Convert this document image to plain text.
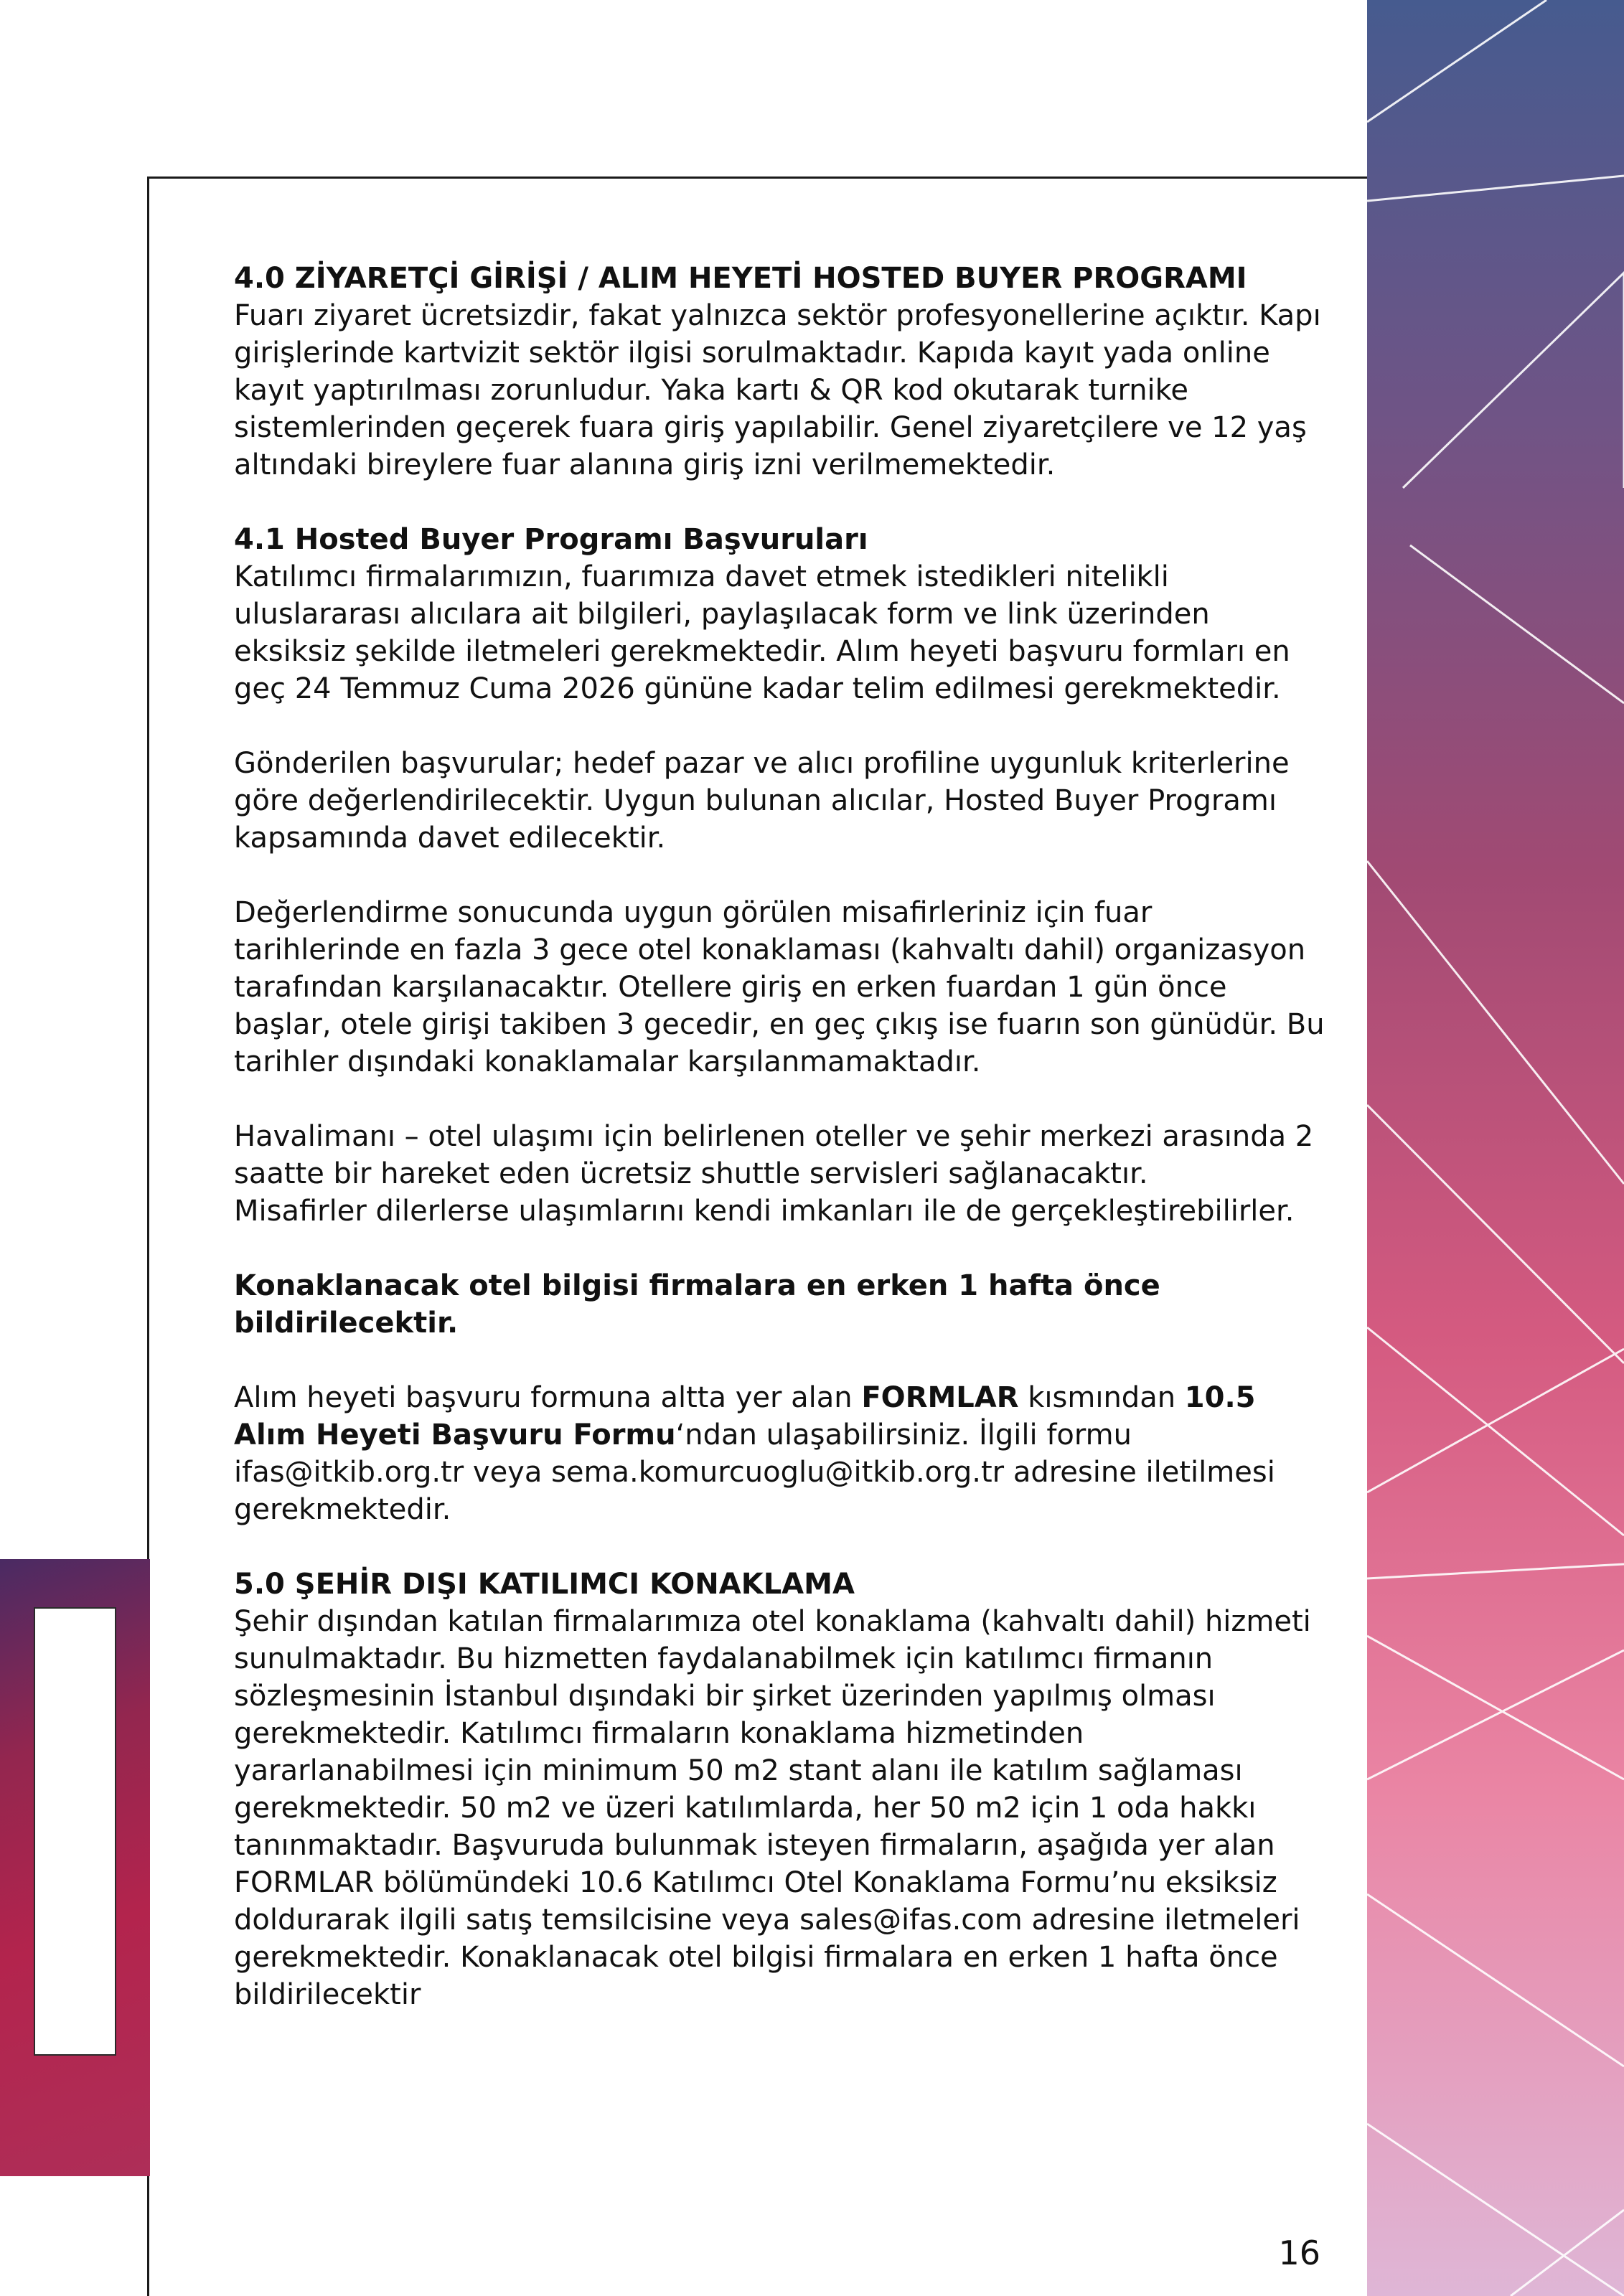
4.0 ZİYARETÇİ GİRİŞİ / ALIM HEYETİ HOSTED BUYER PROGRAMI

Fuarı ziyaret ücretsizdir, fakat yalnızca sektör profesyonellerine açıktır. Kapı girişlerinde kartvizit sektör ilgisi sorulmaktadır. Kapıda kayıt yada online kayıt yaptırılması zorunludur. Yaka kartı & QR kod okutarak turnike sistemlerinden geçerek fuara giriş yapılabilir. Genel ziyaretçilere ve 12 yaş altındaki bireylere fuar alanına giriş izni verilmemektedir.

4.1 Hosted Buyer Programı Başvuruları

Katılımcı firmalarımızın, fuarımıza davet etmek istedikleri nitelikli uluslararası alıcılara ait bilgileri, paylaşılacak form ve link üzerinden eksiksiz şekilde iletmeleri gerekmektedir. Alım heyeti başvuru formları en geç 24 Temmuz Cuma 2026 gününe kadar telim edilmesi gerekmektedir.

Gönderilen başvurular; hedef pazar ve alıcı profiline uygunluk kriterlerine göre değerlendirilecektir. Uygun bulunan alıcılar, Hosted Buyer Programı kapsamında davet edilecektir.

Değerlendirme sonucunda uygun görülen misafirleriniz için fuar tarihlerinde en fazla 3 gece otel konaklaması (kahvaltı dahil) organizasyon tarafından karşılanacaktır. Otellere giriş en erken fuardan 1 gün önce başlar, otele girişi takiben 3 gecedir, en geç çıkış ise fuarın son günüdür. Bu tarihler dışındaki konaklamalar karşılanmamaktadır.

Havalimanı – otel ulaşımı için belirlenen oteller ve şehir merkezi arasında 2 saatte bir hareket eden ücretsiz shuttle servisleri sağlanacaktır.

Misafirler dilerlerse ulaşımlarını kendi imkanları ile de gerçekleştirebilirler.

Konaklanacak otel bilgisi firmalara en erken 1 hafta önce bildirilecektir.

Alım heyeti başvuru formuna altta yer alan FORMLAR kısmından 10.5 Alım Heyeti Başvuru Formu‘ndan ulaşabilirsiniz. İlgili formu ifas@itkib.org.tr veya sema.komurcuoglu@itkib.org.tr adresine iletilmesi gerekmektedir.

5.0 ŞEHİR DIŞI KATILIMCI KONAKLAMA

Şehir dışından katılan firmalarımıza otel konaklama (kahvaltı dahil) hizmeti sunulmaktadır. Bu hizmetten faydalanabilmek için katılımcı firmanın sözleşmesinin İstanbul dışındaki bir şirket üzerinden yapılmış olması gerekmektedir. Katılımcı firmaların konaklama hizmetinden yararlanabilmesi için minimum 50 m2 stant alanı ile katılım sağlaması gerekmektedir. 50 m2 ve üzeri katılımlarda, her 50 m2 için 1 oda hakkı tanınmaktadır. Başvuruda bulunmak isteyen firmaların, aşağıda yer alan FORMLAR bölümündeki 10.6 Katılımcı Otel Konaklama Formu’nu eksiksiz doldurarak ilgili satış temsilcisine veya sales@ifas.com adresine iletmeleri gerekmektedir. Konaklanacak otel bilgisi firmalara en erken 1 hafta önce bildirilecektir

16
